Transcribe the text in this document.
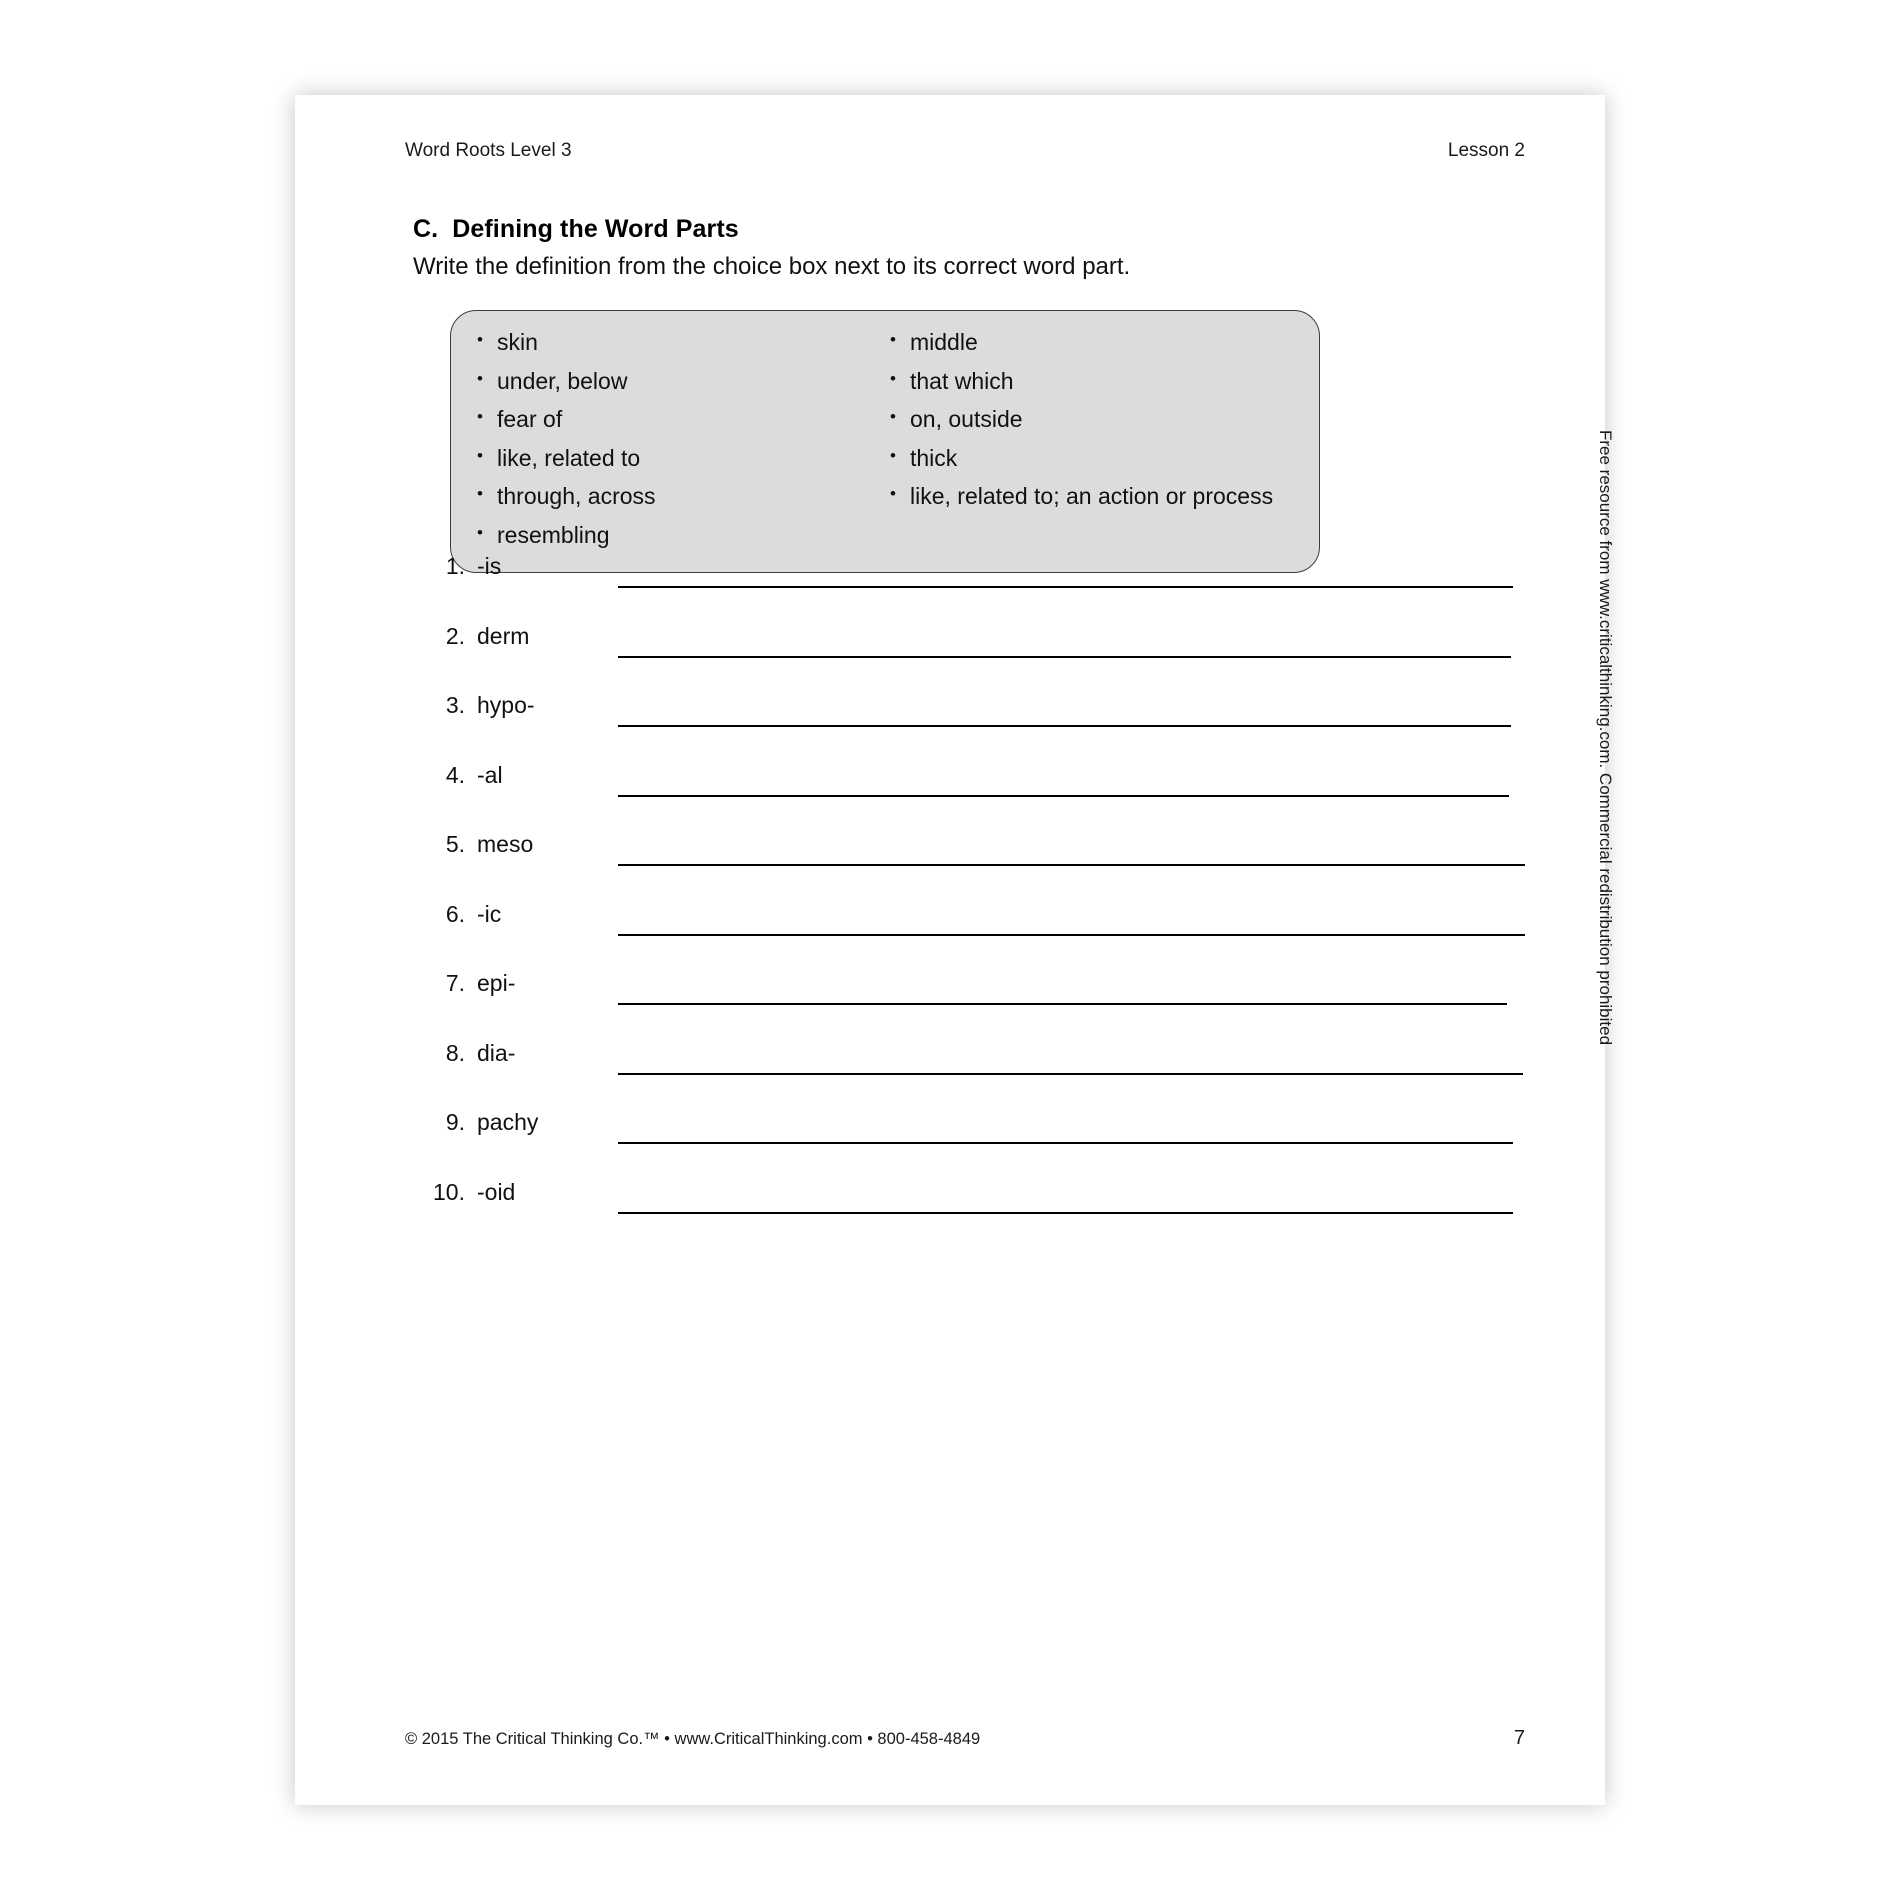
Word Roots Level 3	Lesson 2
C. Defining the Word Parts
Write the definition from the choice box next to its correct word part.
• skin
• under, below
• fear of
• like, related to
• through, across
• resembling
• middle
• that which
• on, outside
• thick
• like, related to; an action or process
1. -is
2. derm
3. hypo-
4. -al
5. meso
6. -ic
7. epi-
8. dia-
9. pachy
10. -oid
© 2015 The Critical Thinking Co.™ • www.CriticalThinking.com • 800-458-4849	7
Free resource from www.criticalthinking.com. Commercial redistribution prohibited
